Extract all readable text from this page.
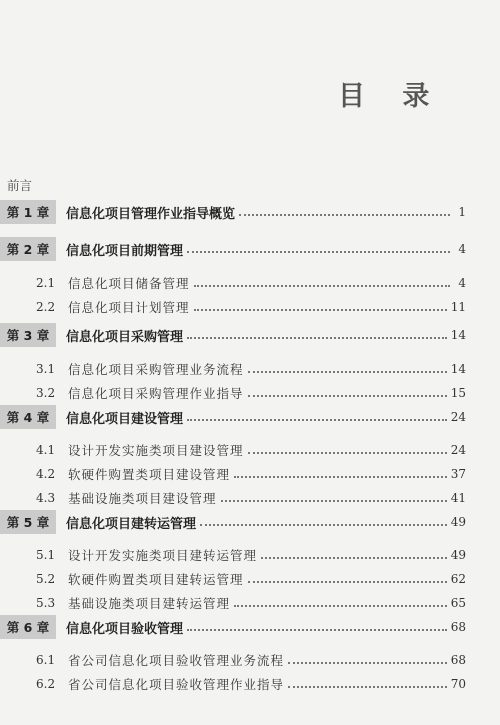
目 录
前言
第 1 章	信息化项目管理作业指导概览	1
第 2 章	信息化项目前期管理	4
2.1	信息化项目储备管理	4
2.2	信息化项目计划管理	11
第 3 章	信息化项目采购管理	14
3.1	信息化项目采购管理业务流程	14
3.2	信息化项目采购管理作业指导	15
第 4 章	信息化项目建设管理	24
4.1	设计开发实施类项目建设管理	24
4.2	软硬件购置类项目建设管理	37
4.3	基础设施类项目建设管理	41
第 5 章	信息化项目建转运管理	49
5.1	设计开发实施类项目建转运管理	49
5.2	软硬件购置类项目建转运管理	62
5.3	基础设施类项目建转运管理	65
第 6 章	信息化项目验收管理	68
6.1	省公司信息化项目验收管理业务流程	68
6.2	省公司信息化项目验收管理作业指导	70
